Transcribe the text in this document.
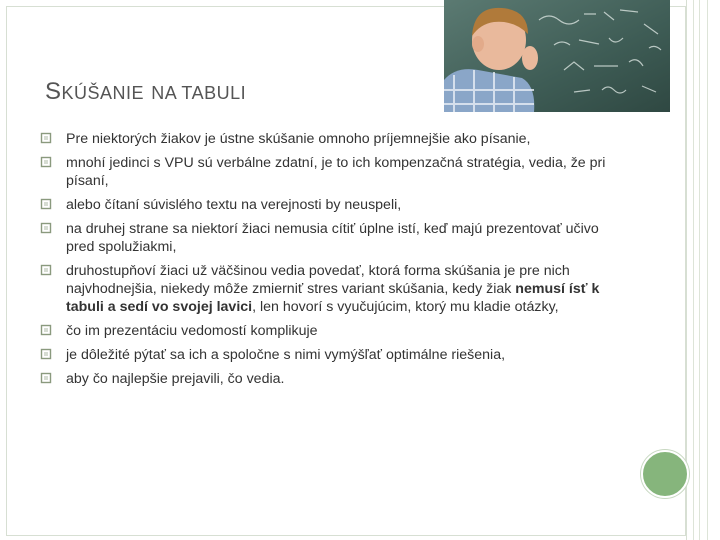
SKÚŠANIE NA TABULI
Pre niektorých žiakov je ústne skúšanie omnoho príjemnejšie ako písanie,
mnohí jedinci s VPU sú verbálne zdatní, je to ich kompenzačná stratégia, vedia, že pri písaní,
alebo čítaní súvislého textu na verejnosti by neuspeli,
na druhej strane sa niektorí žiaci nemusia cítiť úplne istí, keď majú prezentovať učivo pred spolužiakmi,
druhostupňoví žiaci už väčšinou vedia povedať, ktorá forma skúšania je pre nich najvhodnejšia, niekedy môže zmierniť stres variant skúšania, kedy žiak nemusí ísť k tabuli a sedí vo svojej lavici, len hovorí s vyučujúcim, ktorý mu kladie otázky,
čo im prezentáciu vedomostí komplikuje
je dôležité pýtať sa ich a spoločne s nimi vymýšľať optimálne riešenia,
aby čo najlepšie prejavili, čo vedia.
